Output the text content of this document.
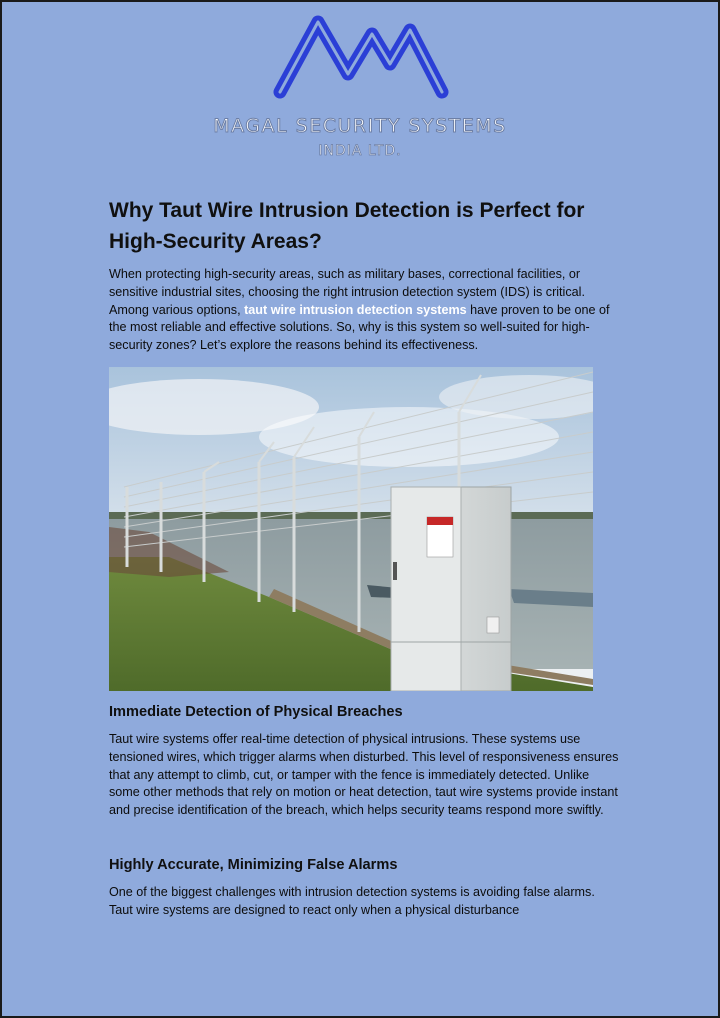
MAGAL SECURITY SYSTEMS
INDIA LTD.
Why Taut Wire Intrusion Detection is Perfect for
High-Security Areas?

When protecting high-security areas, such as military bases, correctional facilities, or sensitive industrial sites, choosing the right intrusion detection system (IDS) is critical. Among various options, taut wire intrusion detection systems have proven to be one of the most reliable and effective solutions. So, why is this system so well-suited for high-security zones? Let’s explore the reasons behind its effectiveness.

Immediate Detection of Physical Breaches

Taut wire systems offer real-time detection of physical intrusions. These systems use tensioned wires, which trigger alarms when disturbed. This level of responsiveness ensures that any attempt to climb, cut, or tamper with the fence is immediately detected. Unlike some other methods that rely on motion or heat detection, taut wire systems provide instant and precise identification of the breach, which helps security teams respond more swiftly.

Highly Accurate, Minimizing False Alarms

One of the biggest challenges with intrusion detection systems is avoiding false alarms. Taut wire systems are designed to react only when a physical disturbance
